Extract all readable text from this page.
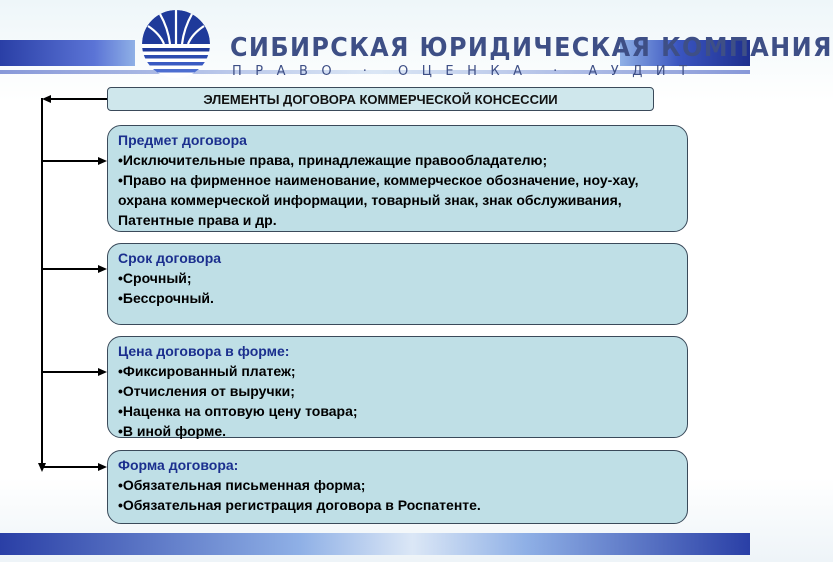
СИБИРСКАЯ ЮРИДИЧЕСКАЯ КОМПАНИЯ
ПРАВО · ОЦЕНКА · АУДИТ
ЭЛЕМЕНТЫ ДОГОВОРА КОММЕРЧЕСКОЙ КОНСЕССИИ
Предмет договора
•Исключительные права, принадлежащие правообладателю;
•Право на фирменное наименование, коммерческое обозначение, ноу-хау,
охрана коммерческой информации, товарный знак, знак обслуживания,
Патентные права и др.
Срок договора
•Срочный;
•Бессрочный.
Цена договора в форме:
•Фиксированный платеж;
•Отчисления от выручки;
•Наценка на оптовую цену товара;
•В иной форме.
Форма договора:
•Обязательная письменная форма;
•Обязательная регистрация договора в Роспатенте.
